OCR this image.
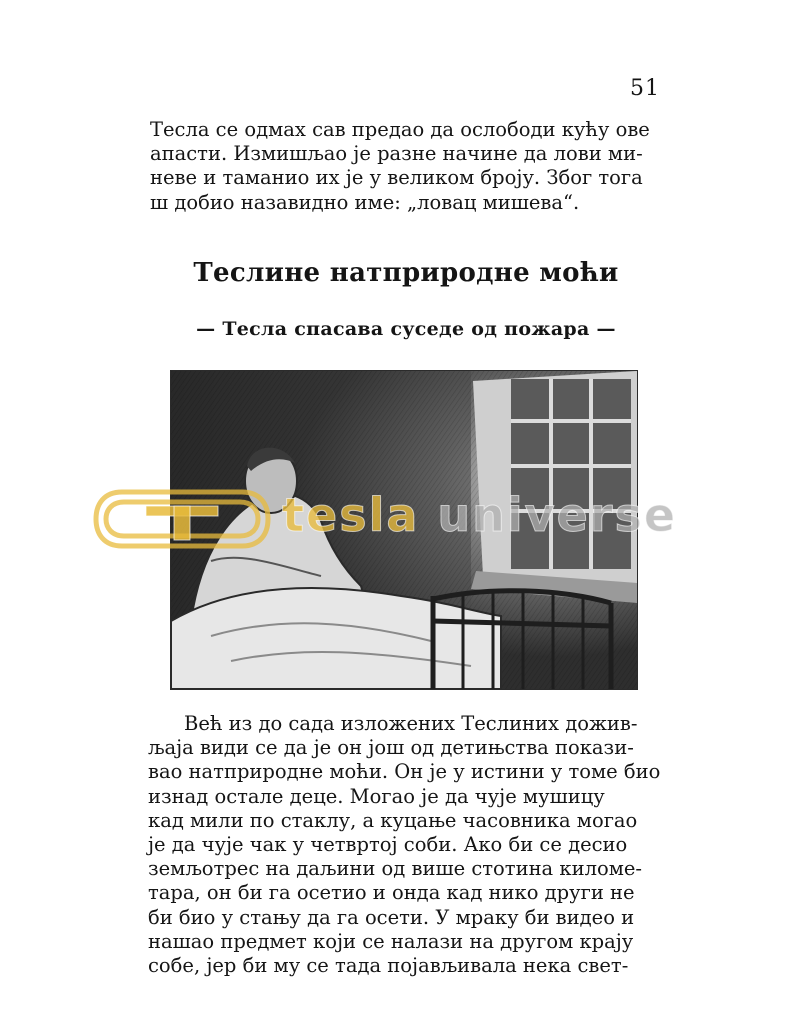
51

Тесла се одмах сав предао да ослободи кућу ове
апасти. Измишљао је разне начине да лови ми-
неве и таманио их је у великом броју. Због тога
ш добио назавидно име: „ловац мишева“.

Теслине натприродне моћи
— Тесла спасава суседе од пожара —
tesla universe

Већ из до сада изложених Теслиних дожив-
љаја види се да је он још од детињства покази-
вао натприродне моћи. Он је у истини у томе био
изнад остале деце. Могао је да чује мушицу
кад мили по стаклу, а куцање часовника могао
је да чује чак у четвртој соби. Ако би се десио
земљотрес на даљини од више стотина киломе-
тара, он би га осетио и онда кад нико други не
би био у стању да га осети. У мраку би видео и
нашао предмет који се налази на другом крају
собе, јер би му се тада појављивала нека свет-
